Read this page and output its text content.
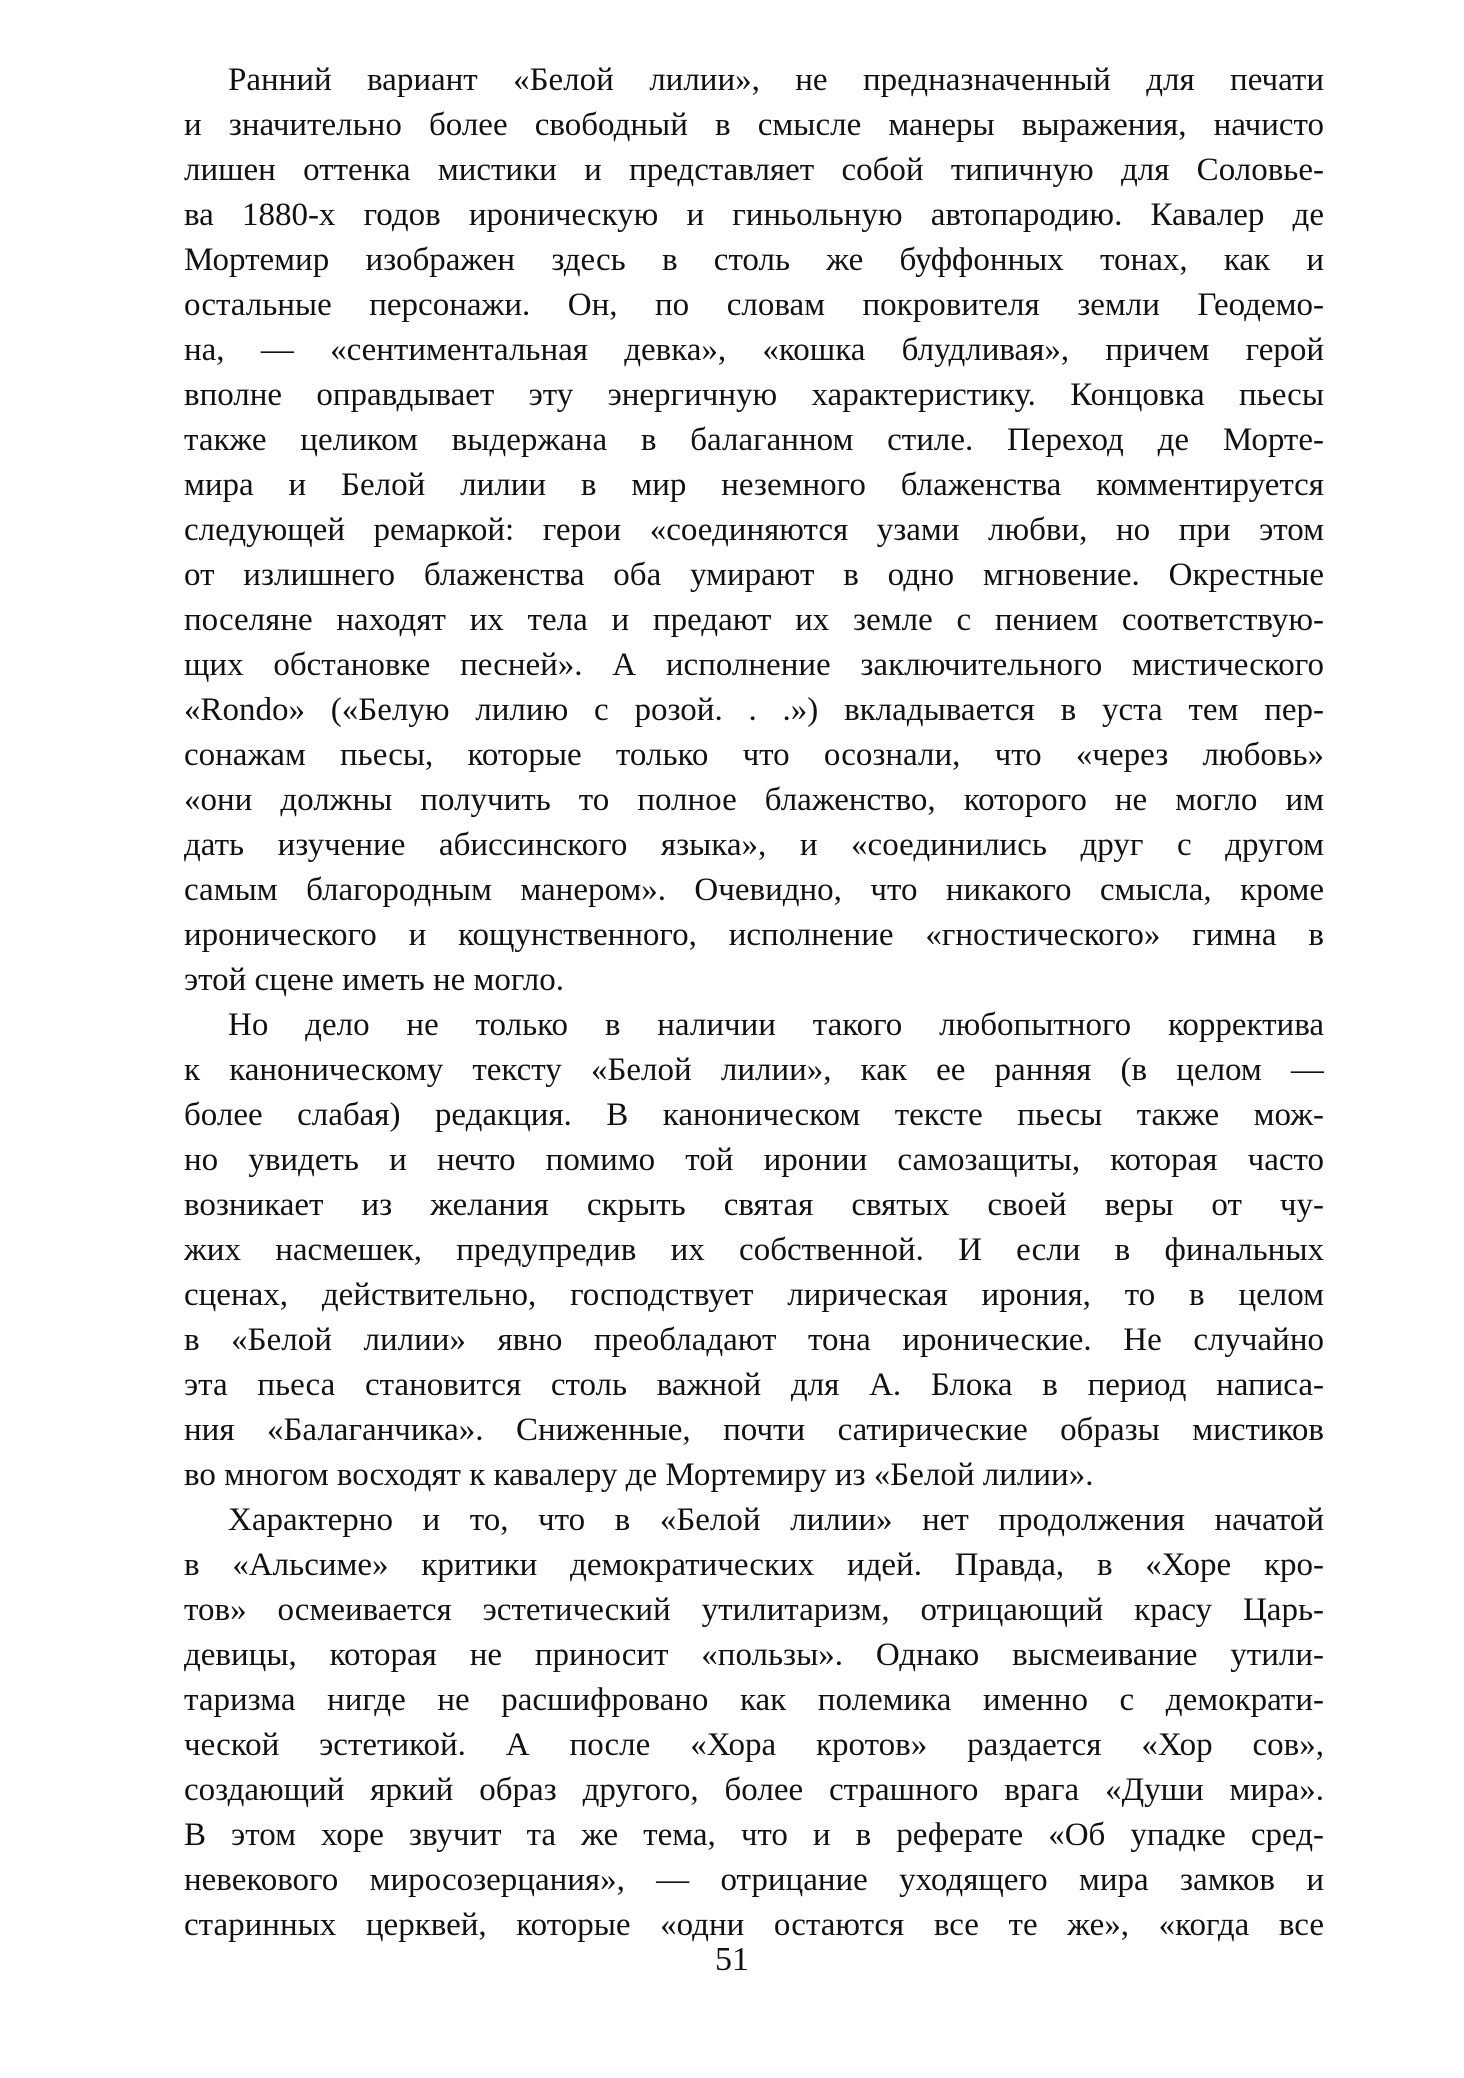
Ранний вариант «Белой лилии», не предназначенный для печати
и значительно более свободный в смысле манеры выражения, начисто
лишен оттенка мистики и представляет собой типичную для Соловье-
ва 1880-х годов ироническую и гиньольную автопародию. Кавалер де
Мортемир изображен здесь в столь же буффонных тонах, как и
остальные персонажи. Он, по словам покровителя земли Геодемо-
на, — «сентиментальная девка», «кошка блудливая», причем герой
вполне оправдывает эту энергичную характеристику. Концовка пьесы
также целиком выдержана в балаганном стиле. Переход де Морте-
мира и Белой лилии в мир неземного блаженства комментируется
следующей ремаркой: герои «соединяются узами любви, но при этом
от излишнего блаженства оба умирают в одно мгновение. Окрестные
поселяне находят их тела и предают их земле с пением соответствую-
щих обстановке песней». А исполнение заключительного мистического
«Rondo» («Белую лилию с розой. . .») вкладывается в уста тем пер-
сонажам пьесы, которые только что осознали, что «через любовь»
«они должны получить то полное блаженство, которого не могло им
дать изучение абиссинского языка», и «соединились друг с другом
самым благородным манером». Очевидно, что никакого смысла, кроме
иронического и кощунственного, исполнение «гностического» гимна в
этой сцене иметь не могло.
Но дело не только в наличии такого любопытного корректива
к каноническому тексту «Белой лилии», как ее ранняя (в целом —
более слабая) редакция. В каноническом тексте пьесы также мож-
но увидеть и нечто помимо той иронии самозащиты, которая часто
возникает из желания скрыть святая святых своей веры от чу-
жих насмешек, предупредив их собственной. И если в финальных
сценах, действительно, господствует лирическая ирония, то в целом
в «Белой лилии» явно преобладают тона иронические. Не случайно
эта пьеса становится столь важной для А. Блока в период написа-
ния «Балаганчика». Сниженные, почти сатирические образы мистиков
во многом восходят к кавалеру де Мортемиру из «Белой лилии».
Характерно и то, что в «Белой лилии» нет продолжения начатой
в «Альсиме» критики демократических идей. Правда, в «Хоре кро-
тов» осмеивается эстетический утилитаризм, отрицающий красу Царь-
девицы, которая не приносит «пользы». Однако высмеивание утили-
таризма нигде не расшифровано как полемика именно с демократи-
ческой эстетикой. А после «Хора кротов» раздается «Хор сов»,
создающий яркий образ другого, более страшного врага «Души мира».
В этом хоре звучит та же тема, что и в реферате «Об упадке сред-
невекового миросозерцания», — отрицание уходящего мира замков и
старинных церквей, которые «одни остаются все те же», «когда все
51
